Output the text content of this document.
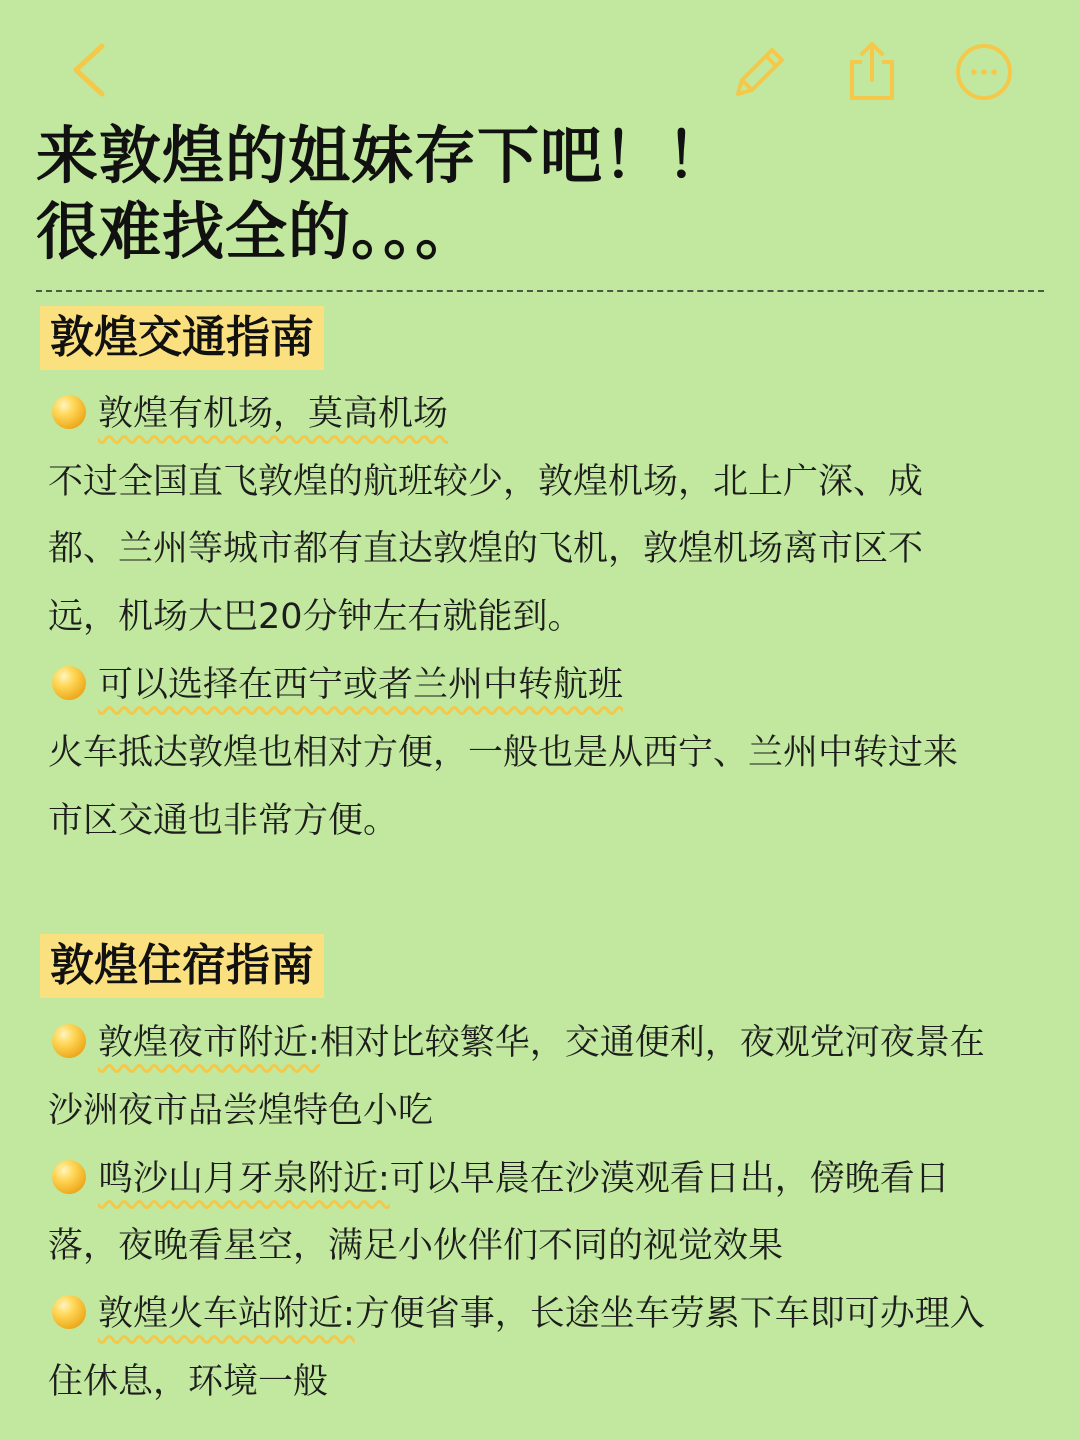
来敦煌的姐妹存下吧！！
很难找全的。。。
敦煌交通指南
敦煌有机场，莫高机场
不过全国直飞敦煌的航班较少，敦煌机场，北上广深、成
都、兰州等城市都有直达敦煌的飞机，敦煌机场离市区不
远，机场大巴20分钟左右就能到。
可以选择在西宁或者兰州中转航班
火车抵达敦煌也相对方便，一般也是从西宁、兰州中转过来
市区交通也非常方便。
敦煌住宿指南
敦煌夜市附近:相对比较繁华，交通便利，夜观党河夜景在
沙洲夜市品尝煌特色小吃
鸣沙山月牙泉附近:可以早晨在沙漠观看日出，傍晚看日
落，夜晚看星空，满足小伙伴们不同的视觉效果
敦煌火车站附近:方便省事，长途坐车劳累下车即可办理入
住休息，环境一般
